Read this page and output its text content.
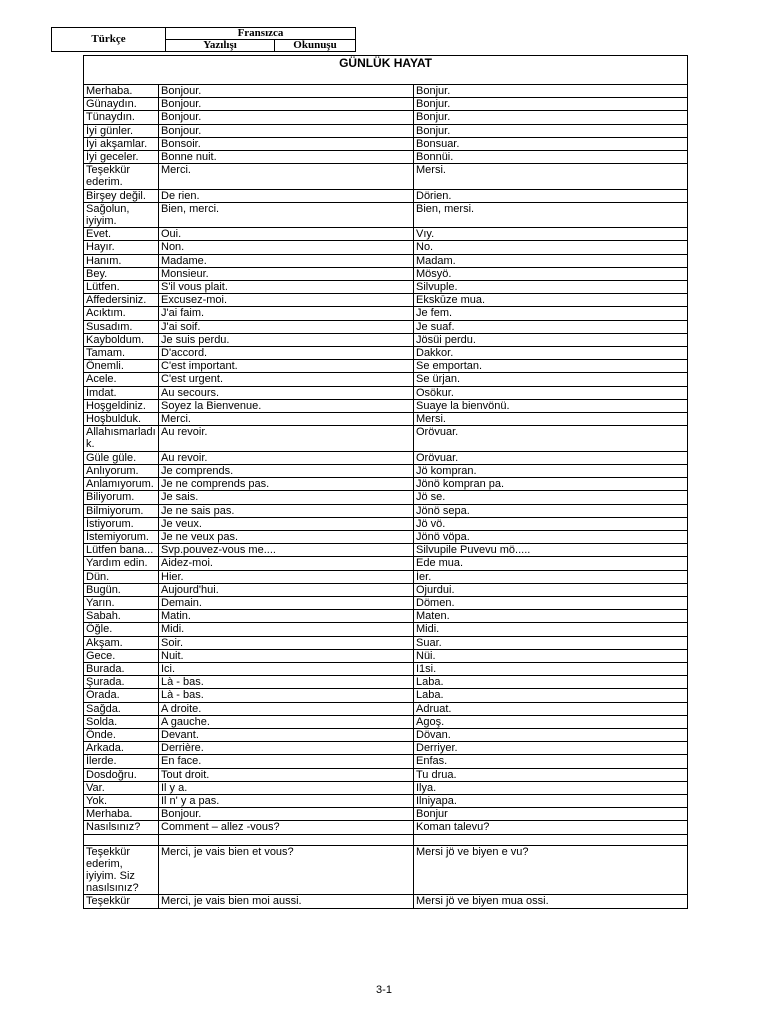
Türkçe	Fransızca	
	Yazılışı	Okunuşu
GÜNLÜK HAYAT		
Merhaba.	Bonjour.	Bonjur.
Günaydın.	Bonjour.	Bonjur.
Tünaydın.	Bonjour.	Bonjur.
İyi günler.	Bonjour.	Bonjur.
İyi akşamlar.	Bonsoir.	Bonsuar.
İyi geceler.	Bonne nuit.	Bonnüi.
Teşekkür ederim.	Merci.	Mersi.
Birşey değil.	De rien.	Dörien.
Sağolun, iyiyim.	Bien, merci.	Bien, mersi.
Evet.	Oui.	Vıy.
Hayır.	Non.	No.
Hanım.	Madame.	Madam.
Bey.	Monsieur.	Mösyö.
Lütfen.	S'il vous plait.	Silvuple.
Affedersiniz.	Excusez-moi.	Ekskūze mua.
Acıktım.	J'ai faim.	Je fem.
Susadım.	J'ai soif.	Je suaf.
Kayboldum.	Je suis perdu.	Jösüi perdu.
Tamam.	D'accord.	Dakkor.
Önemli.	C'est important.	Se emportan.
Acele.	C'est urgent.	Se ürjan.
İmdat.	Au secours.	Osökur.
Hoşgeldiniz.	Soyez la Bienvenue.	Suaye la bienvönü.
Hoşbulduk.	Merci.	Mersi.
Allahısmarladık.	Au revoir.	Orövuar.
Güle güle.	Au revoir.	Orövuar.
Anlıyorum.	Je comprends.	Jö kompran.
Anlamıyorum.	Je ne comprends pas.	Jönö kompran pa.
Biliyorum.	Je sais.	Jö se.
Bilmiyorum.	Je ne sais pas.	Jönö sepa.
İstiyorum.	Je veux.	Jö vö.
İstemiyorum.	Je ne veux pas.	Jönö vöpa.
Lütfen bana...	Svp.pouvez-vous me....	Silvupile Puvevu mö.....
Yardım edin.	Aidez-moi.	Ede mua.
Dün.	Hier.	İer.
Bugün.	Aujourd'hui.	Ojurdui.
Yarın.	Demain.	Dömen.
Sabah.	Matin.	Maten.
Öğle.	Midi.	Midi.
Akşam.	Soir.	Suar.
Gece.	Nuit.	Nüi.
Burada.	Ici.	I1si.
Şurada.	Là - bas.	Laba.
Orada.	Là - bas.	Laba.
Sağda.	A droite.	Adruat.
Solda.	A gauche.	Agoş.
Önde.	Devant.	Dövan.
Arkada.	Derrière.	Derriyer.
İlerde.	En face.	Enfas.
Dosdoğru.	Tout droit.	Tu drua.
Var.	Il y a.	Ilya.
Yok.	Il n' y a pas.	Ilniyapa.
Merhaba.	Bonjour.	Bonjur
Nasılsınız?	Comment – allez -vous?	Koman talevu?

Teşekkür ederim, iyiyim. Siz nasılsınız?	Merci, je vais bien et vous?	Mersi jö ve biyen e vu?
Teşekkür	Merci, je vais bien moi aussi.	Mersi jö ve biyen mua ossi.
3-1
